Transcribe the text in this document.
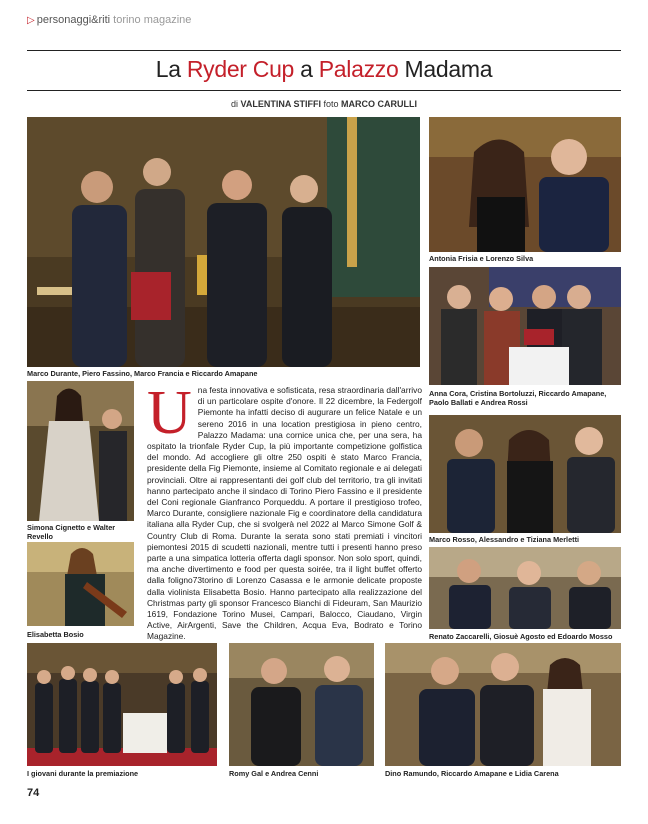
▷ personaggi&riti torino magazine
La Ryder Cup a Palazzo Madama
di VALENTINA STIFFI foto MARCO CARULLI
Marco Durante, Piero Fassino, Marco Francia e Riccardo Amapane
Antonia Frisia e Lorenzo Silva
Anna Cora, Cristina Bortoluzzi, Riccardo Amapane, Paolo Ballati e Andrea Rossi
Marco Rosso, Alessandro e Tiziana Merletti
Renato Zaccarelli, Giosuè Agosto ed Edoardo Mosso
Simona Cignetto e Walter Revello
Elisabetta Bosio
Una festa innovativa e sofisticata, resa straordinaria dall'arrivo di un particolare ospite d'onore. Il 22 dicembre, la Federgolf Piemonte ha infatti deciso di augurare un felice Natale e un sereno 2016 in una location prestigiosa in pieno centro, Palazzo Madama: una cornice unica che, per una sera, ha ospitato la trionfale Ryder Cup, la più importante competizione golfistica del mondo. Ad accogliere gli oltre 250 ospiti è stato Marco Francia, presidente della Fig Piemonte, insieme al Comitato regionale e ai delegati provinciali. Oltre ai rappresentanti dei golf club del territorio, tra gli invitati hanno partecipato anche il sindaco di Torino Piero Fassino e il presidente del Coni regionale Gianfranco Porqueddu. A portare il prestigioso trofeo, Marco Durante, consigliere nazionale Fig e coordinatore della candidatura italiana alla Ryder Cup, che si svolgerà nel 2022 al Marco Simone Golf & Country Club di Roma. Durante la serata sono stati premiati i vincitori piemontesi 2015 di scudetti nazionali, mentre tutti i presenti hanno preso parte a una simpatica lotteria offerta dagli sponsor. Non solo sport, quindi, ma anche divertimento e food per questa soirée, tra il light buffet offerto dalla foligno73torino di Lorenzo Casassa e le armonie delicate proposte dalla violinista Elisabetta Bosio. Hanno partecipato alla realizzazione del Christmas party gli sponsor Francesco Bianchi di Fideuram, San Maurizio 1619, Fondazione Torino Musei, Campari, Balocco, Ciaudano, Virgin Active, AirArgenti, Save the Children, Acqua Eva, Bodrato e Torino Magazine.
I giovani durante la premiazione	Romy Gal e Andrea Cenni	Dino Ramundo, Riccardo Amapane e Lidia Carena
74
